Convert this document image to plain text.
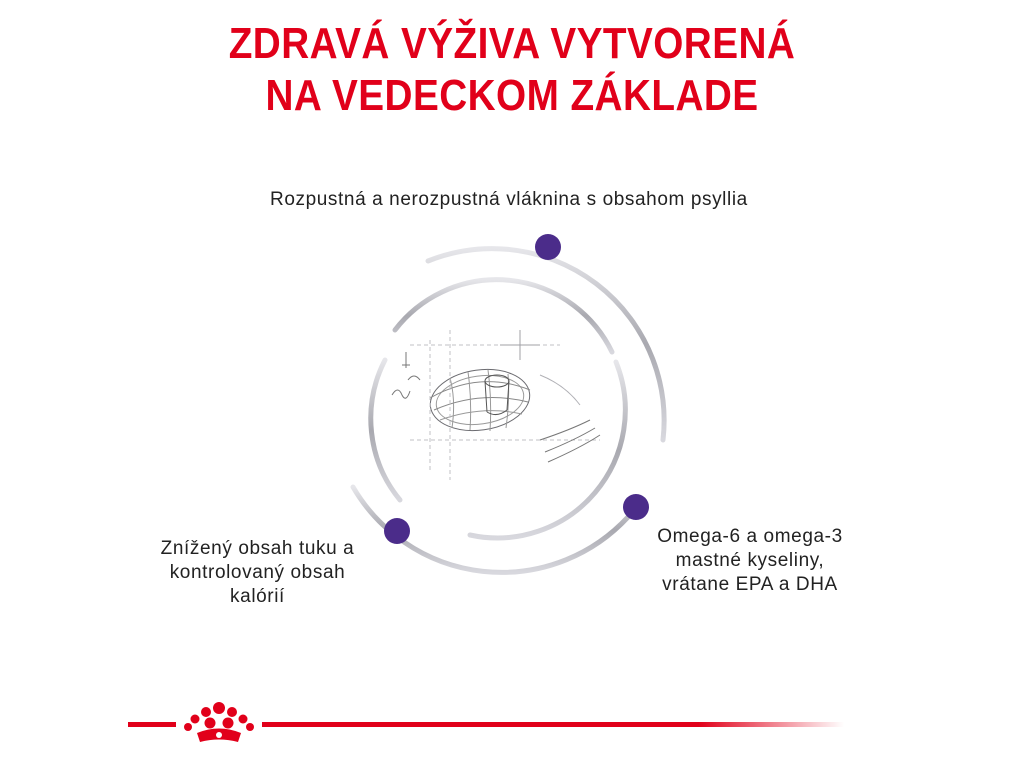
ZDRAVÁ VÝŽIVA VYTVORENÁ
NA VEDECKOM ZÁKLADE
Rozpustná a nerozpustná vláknina s obsahom psyllia
Znížený obsah tuku a
kontrolovaný obsah
kalórií
Omega-6 a omega-3
mastné kyseliny,
vrátane EPA a DHA
